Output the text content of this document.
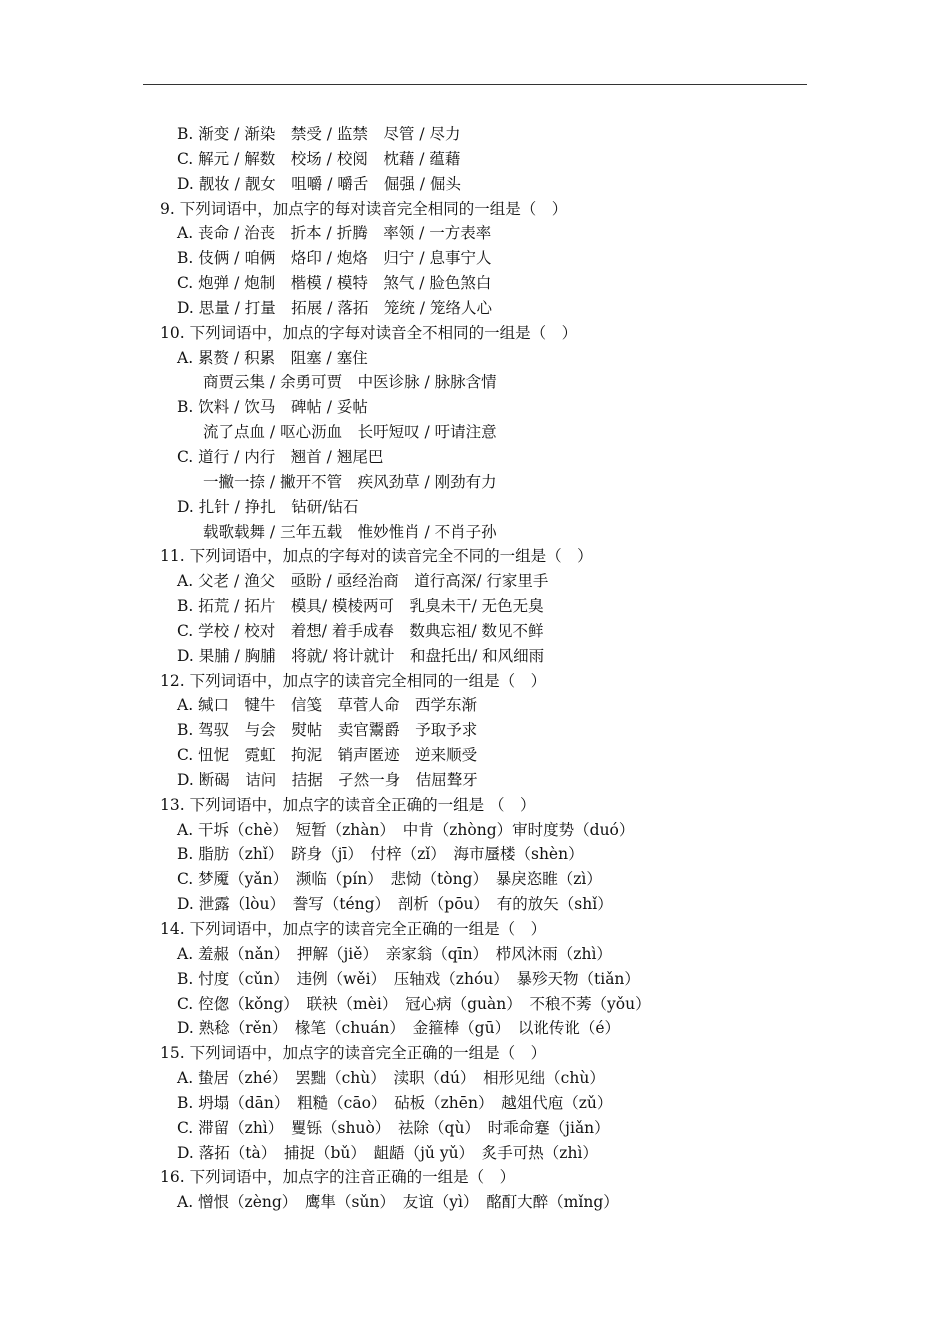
B. 渐变 / 渐染　禁受 / 监禁　尽管 / 尽力
C. 解元 / 解数　校场 / 校阅　枕藉 / 蕴藉
D. 靓妆 / 靓女　咀嚼 / 嚼舌　倔强 / 倔头
9. 下列词语中，加点字的每对读音完全相同的一组是（　）
A. 丧命 / 治丧　折本 / 折腾　率领 / 一方表率
B. 伎俩 / 咱俩　烙印 / 炮烙　归宁 / 息事宁人
C. 炮弹 / 炮制　楷模 / 模特　煞气 / 脸色煞白
D. 思量 / 打量　拓展 / 落拓　笼统 / 笼络人心
10. 下列词语中，加点的字每对读音全不相同的一组是（　）
A. 累赘 / 积累　阻塞 / 塞住
商贾云集 / 余勇可贾　中医诊脉 / 脉脉含情
B. 饮料 / 饮马　碑帖 / 妥帖
流了点血 / 呕心沥血　长吁短叹 / 吁请注意
C. 道行 / 内行　翘首 / 翘尾巴
一撇一捺 / 撇开不管　疾风劲草 / 刚劲有力
D. 扎针 / 挣扎　钻研/钻石
载歌载舞 / 三年五载　惟妙惟肖 / 不肖子孙
11. 下列词语中，加点的字每对的读音完全不同的一组是（　）
A. 父老 / 渔父　亟盼 / 亟经治商　道行高深/ 行家里手
B. 拓荒 / 拓片　模具/ 模棱两可　乳臭未干/ 无色无臭
C. 学校 / 校对　着想/ 着手成春　数典忘祖/ 数见不鲜
D. 果脯 / 胸脯　将就/ 将计就计　和盘托出/ 和风细雨
12. 下列词语中，加点字的读音完全相同的一组是（　）
A. 缄口　犍牛　信笺　草菅人命　西学东渐
B. 驾驭　与会　熨帖　卖官鬻爵　予取予求
C. 忸怩　霓虹　拘泥　销声匿迹　逆来顺受
D. 断碣　诘问　拮据　孑然一身　佶屈聱牙
13. 下列词语中，加点字的读音全正确的一组是 （　）
A. 干坼（chè）　短暂（zhàn）　中肯（zhòng）审时度势（duó）
B. 脂肪（zhǐ）　跻身（jī）　付梓（zǐ）　海市蜃楼（shèn）
C. 梦魇（yǎn）　濒临（pín）　悲恸（tòng）　暴戾恣睢（zì）
D. 泄露（lòu）　誊写（téng）　剖析（pōu）　有的放矢（shǐ）
14. 下列词语中，加点字的读音完全正确的一组是（　）
A. 羞赧（nǎn）　押解（jiě）　亲家翁（qīn）　栉风沐雨（zhì）
B. 忖度（cǔn）　违例（wěi）　压轴戏（zhóu）　暴殄天物（tiǎn）
C. 倥偬（kǒng）　联袂（mèi）　冠心病（guàn）　不稂不莠（yǒu）
D. 熟稔（rěn）　椽笔（chuán）　金箍棒（gū）　以讹传讹（é）
15. 下列词语中，加点字的读音完全正确的一组是（　）
A. 蛰居（zhé）　罢黜（chù）　渎职（dú）　相形见绌（chù）
B. 坍塌（dān）　粗糙（cāo）　砧板（zhēn）　越俎代庖（zǔ）
C. 滞留（zhì）　矍铄（shuò）　祛除（qù）　时乖命蹇（jiǎn）
D. 落拓（tà）　捕捉（bǔ）　龃龉（jǔ yǔ）　炙手可热（zhì）
16. 下列词语中，加点字的注音正确的一组是（　）
A. 憎恨（zèng）　鹰隼（sǔn）　友谊（yì）　酩酊大醉（mǐng）
